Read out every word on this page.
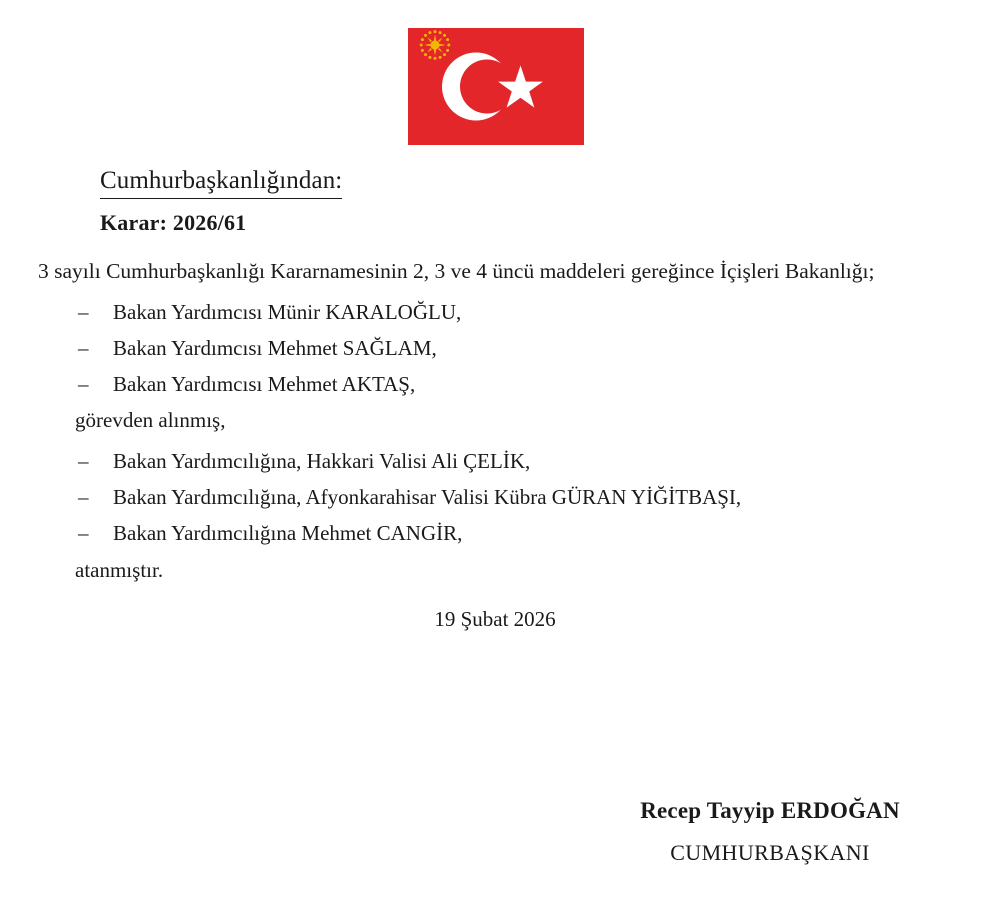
Cumhurbaşkanlığından:
Karar: 2026/61

3 sayılı Cumhurbaşkanlığı Kararnamesinin 2, 3 ve 4 üncü maddeleri gereğince İçişleri Bakanlığı;

– Bakan Yardımcısı Münir KARALOĞLU,
– Bakan Yardımcısı Mehmet SAĞLAM,
– Bakan Yardımcısı Mehmet AKTAŞ,
görevden alınmış,
– Bakan Yardımcılığına, Hakkari Valisi Ali ÇELİK,
– Bakan Yardımcılığına, Afyonkarahisar Valisi Kübra GÜRAN YİĞİTBAŞI,
– Bakan Yardımcılığına Mehmet CANGİR,
atanmıştır.
19 Şubat 2026
Recep Tayyip ERDOĞAN
CUMHURBAŞKANI
